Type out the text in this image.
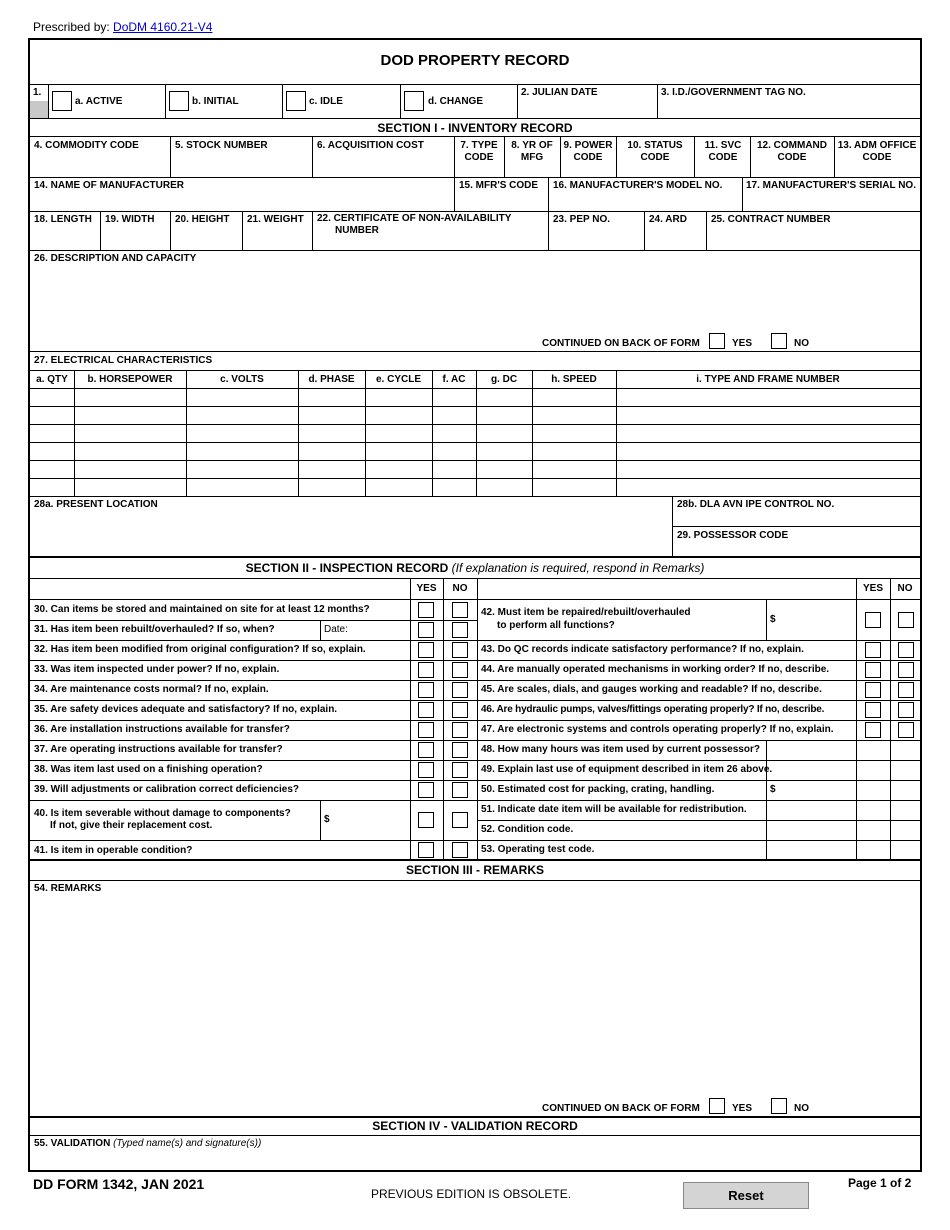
Prescribed by: DoDM 4160.21-V4
DOD PROPERTY RECORD
1.
a. ACTIVE	b. INITIAL	c. IDLE	d. CHANGE
2. JULIAN DATE	3. I.D./GOVERNMENT TAG NO.
SECTION I - INVENTORY RECORD
4. COMMODITY CODE	5. STOCK NUMBER	6. ACQUISITION COST	7. TYPE
CODE
8. YR OF
MFG
9. POWER
CODE
10. STATUS
CODE
11. SVC
CODE
12. COMMAND
CODE
13. ADM OFFICE
CODE
14. NAME OF MANUFACTURER	15. MFR'S CODE 16. MANUFACTURER'S MODEL NO. 17. MANUFACTURER'S SERIAL NO.
18. LENGTH 19. WIDTH 20. HEIGHT 21. WEIGHT 22. CERTIFICATE OF NON-AVAILABILITY
NUMBER
23. PEP NO.	24. ARD 25. CONTRACT NUMBER
26. DESCRIPTION AND CAPACITY
CONTINUED ON BACK OF FORM	YES	NO
27. ELECTRICAL CHARACTERISTICS
a. QTY	b. HORSEPOWER	c. VOLTS	d. PHASE	e. CYCLE	f. AC	g. DC	h. SPEED	i. TYPE AND FRAME NUMBER
28a. PRESENT LOCATION	28b. DLA AVN IPE CONTROL NO.
29. POSSESSOR CODE
SECTION II - INSPECTION RECORD (If explanation is required, respond in Remarks)
YES	NO	YES	NO
30. Can items be stored and maintained on site for at least 12 months?
31. Has item been rebuilt/overhauled? If so, when?	Date:
32. Has item been modified from original configuration? If so, explain.
33. Was item inspected under power? If no, explain.
34. Are maintenance costs normal? If no, explain.
35. Are safety devices adequate and satisfactory? If no, explain.
36. Are installation instructions available for transfer?
37. Are operating instructions available for transfer?
38. Was item last used on a finishing operation?
39. Will adjustments or calibration correct deficiencies?
40. Is item severable without damage to components?
If not, give their replacement cost.
$
41. Is item in operable condition?
42. Must item be repaired/rebuilt/overhauled
to perform all functions?
$
43. Do QC records indicate satisfactory performance? If no, explain.
44. Are manually operated mechanisms in working order? If no, describe.
45. Are scales, dials, and gauges working and readable? If no, describe.
46. Are hydraulic pumps, valves/fittings operating properly? If no, describe.
47. Are electronic systems and controls operating properly? If no, explain.
48. How many hours was item used by current possessor?
49. Explain last use of equipment described in item 26 above.
50. Estimated cost for packing, crating, handling.	$
51. Indicate date item will be available for redistribution.
52. Condition code.
53. Operating test code.
SECTION III - REMARKS
54. REMARKS
CONTINUED ON BACK OF FORM	YES	NO
SECTION IV - VALIDATION RECORD
55. VALIDATION (Typed name(s) and signature(s))
DD FORM 1342, JAN 2021
PREVIOUS EDITION IS OBSOLETE.	Reset
Page 1 of 2
